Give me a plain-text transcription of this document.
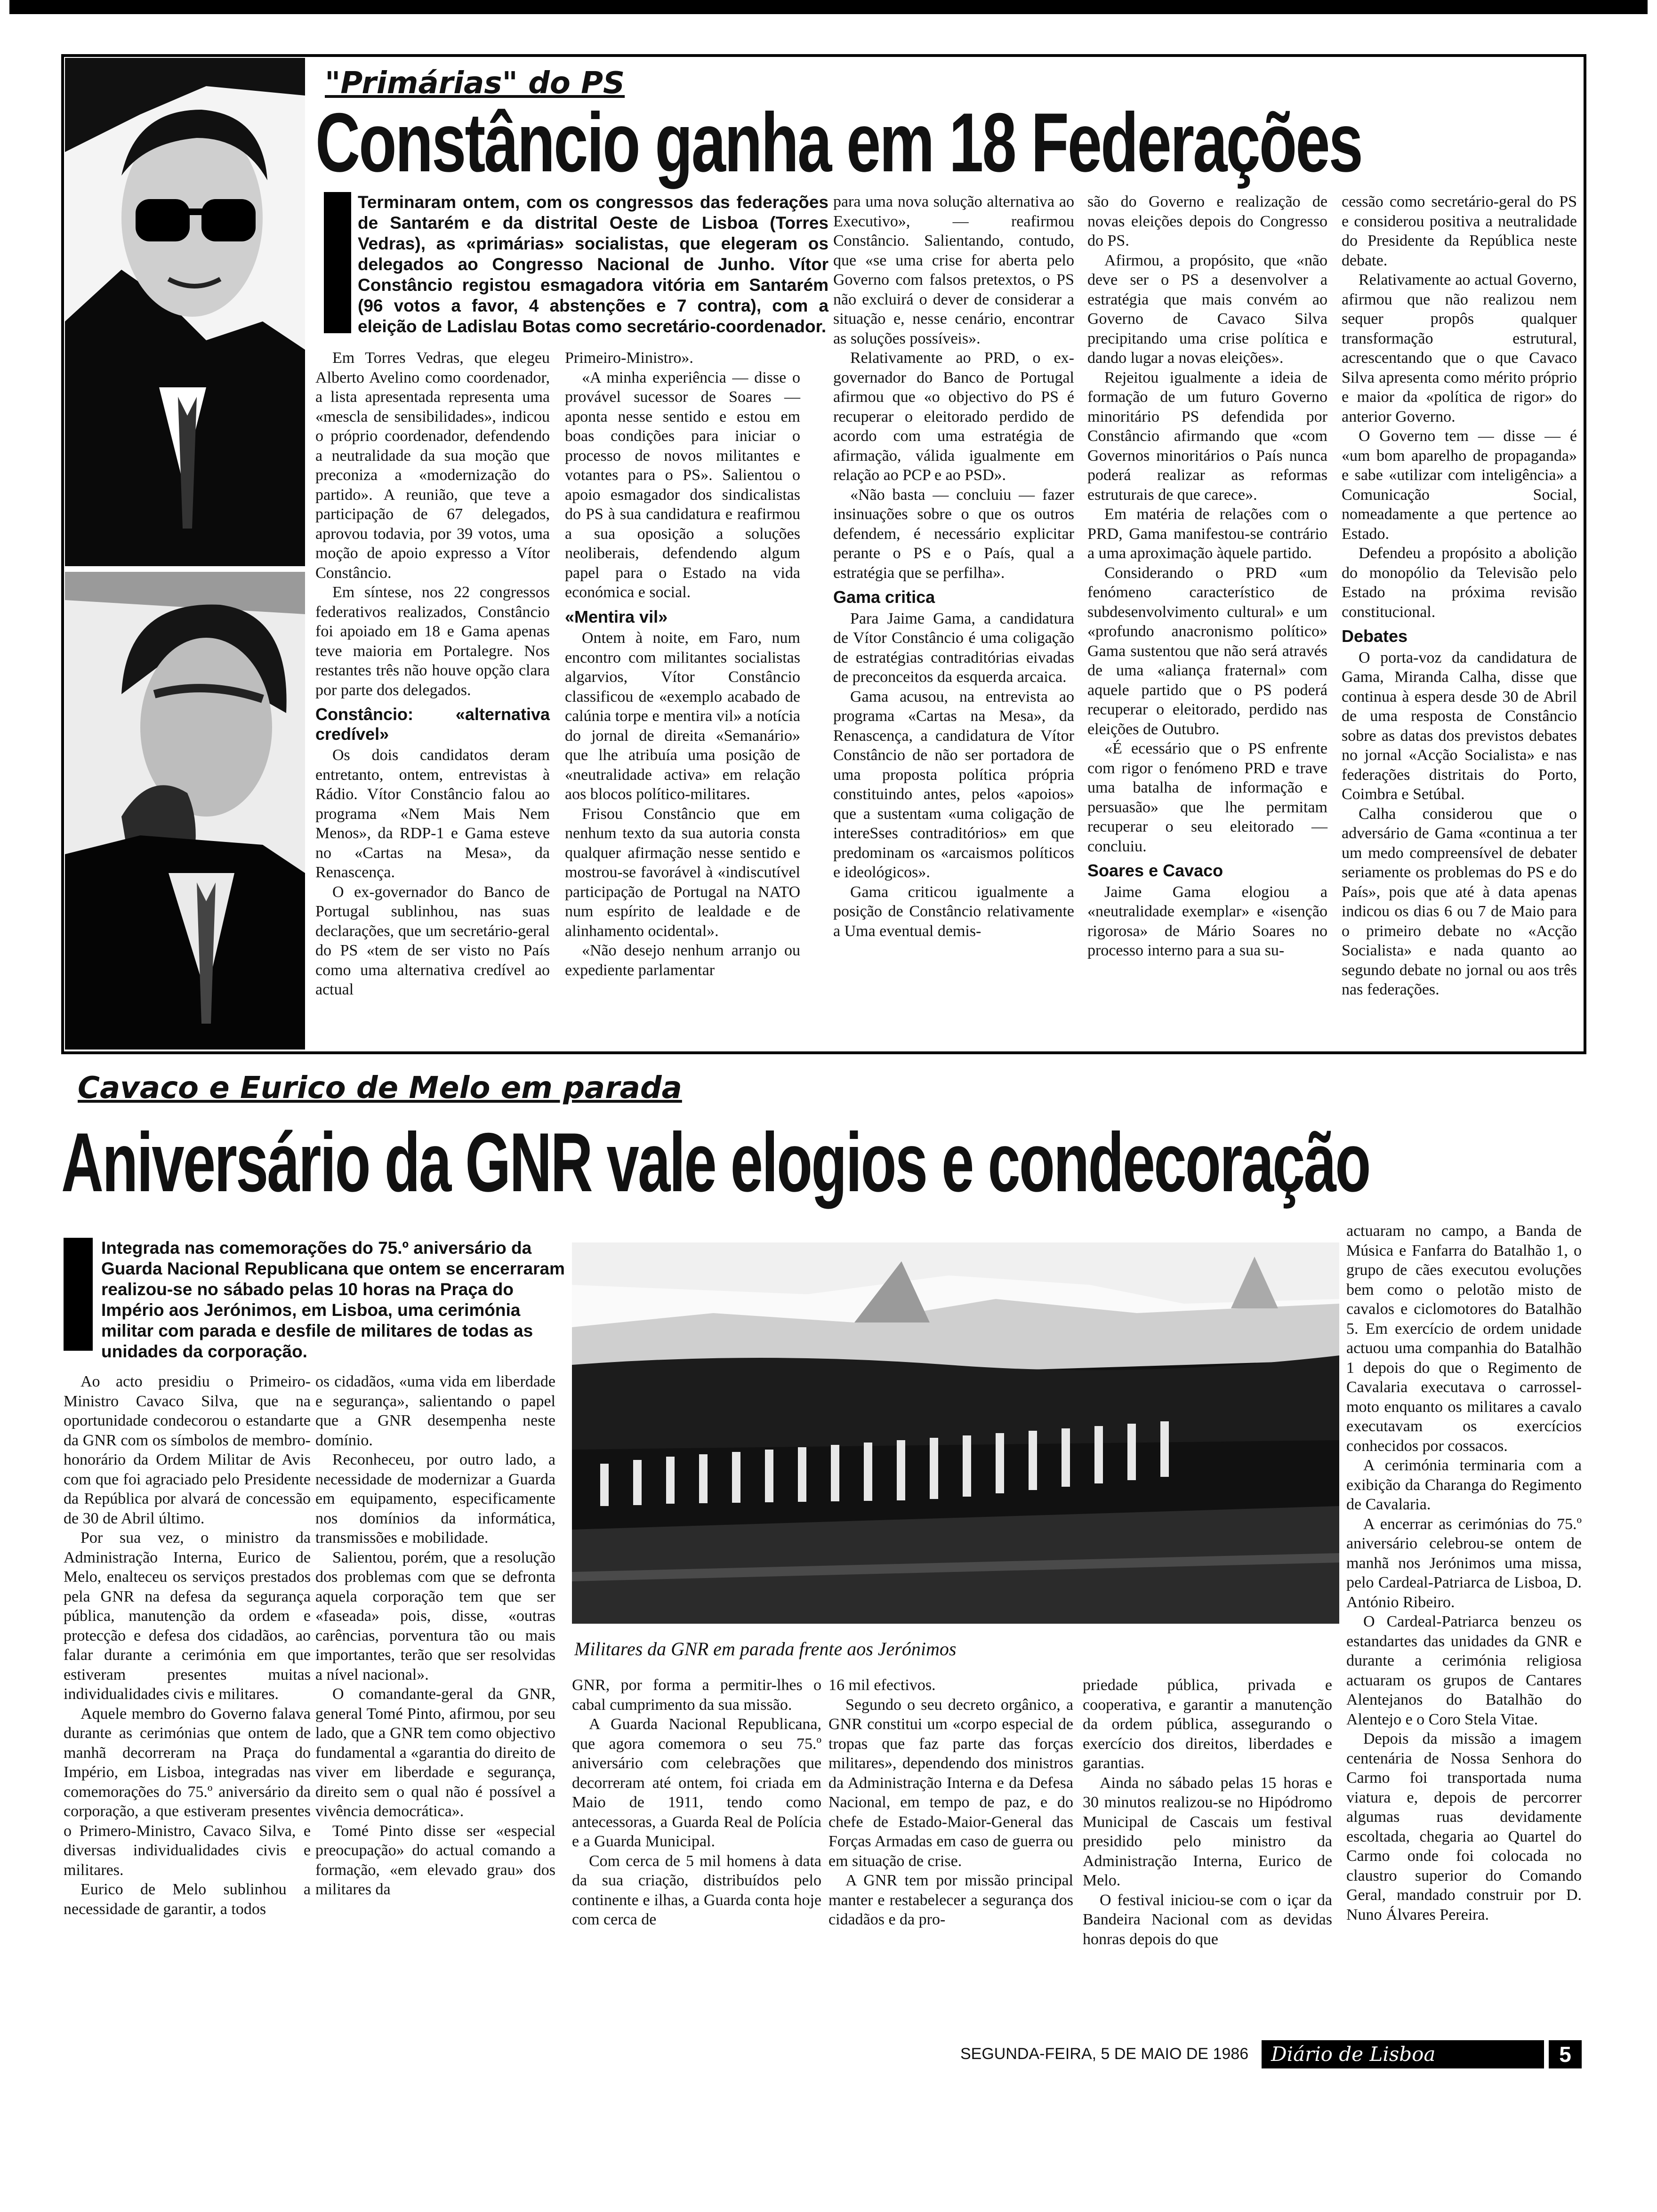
"Primárias" do PS
Constâncio ganha em 18 Federações
Terminaram ontem, com os congressos das federações de Santarém e da distrital Oeste de Lisboa (Torres Vedras), as «primárias» socialistas, que elegeram os delegados ao Congresso Nacional de Junho. Vítor Constâncio registou esmagadora vitória em Santarém (96 votos a favor, 4 abstenções e 7 contra), com a eleição de Ladislau Botas como secretário-coordenador.

Em Torres Vedras, que elegeu Alberto Avelino como coordenador, a lista apresentada representa uma «mescla de sensibilidades», indicou o próprio coordenador, defendendo a neutralidade da sua moção que preconiza a «modernização do partido». A reunião, que teve a participação de 67 delegados, aprovou todavia, por 39 votos, uma moção de apoio expresso a Vítor Constâncio.

Em síntese, nos 22 congressos federativos realizados, Constâncio foi apoiado em 18 e Gama apenas teve maioria em Portalegre. Nos restantes três não houve opção clara por parte dos delegados.

Constâncio: «alternativa credível»

Os dois candidatos deram entretanto, ontem, entrevistas à Rádio. Vítor Constâncio falou ao programa «Nem Mais Nem Menos», da RDP-1 e Gama esteve no «Cartas na Mesa», da Renascença.

O ex-governador do Banco de Portugal sublinhou, nas suas declarações, que um secretário-geral do PS «tem de ser visto no País como uma alternativa credível ao actual

Primeiro-Ministro».

«A minha experiência — disse o provável sucessor de Soares — aponta nesse sentido e estou em boas condições para iniciar o processo de novos militantes e votantes para o PS». Salientou o apoio esmagador dos sindicalistas do PS à sua candidatura e reafirmou a sua oposição a soluções neoliberais, defendendo algum papel para o Estado na vida económica e social.

«Mentira vil»

Ontem à noite, em Faro, num encontro com militantes socialistas algarvios, Vítor Constâncio classificou de «exemplo acabado de calúnia torpe e mentira vil» a notícia do jornal de direita «Semanário» que lhe atribuía uma posição de «neutralidade activa» em relação aos blocos político-militares.

Frisou Constâncio que em nenhum texto da sua autoria consta qualquer afirmação nesse sentido e mostrou-se favorável à «indiscutível participação de Portugal na NATO num espírito de lealdade e de alinhamento ocidental».

«Não desejo nenhum arranjo ou expediente parlamentar

para uma nova solução alternativa ao Executivo», — reafirmou Constâncio. Salientando, contudo, que «se uma crise for aberta pelo Governo com falsos pretextos, o PS não excluirá o dever de considerar a situação e, nesse cenário, encontrar as soluções possíveis».

Relativamente ao PRD, o ex-governador do Banco de Portugal afirmou que «o objectivo do PS é recuperar o eleitorado perdido de acordo com uma estratégia de afirmação, válida igualmente em relação ao PCP e ao PSD».

«Não basta — concluiu — fazer insinuações sobre o que os outros defendem, é necessário explicitar perante o PS e o País, qual a estratégia que se perfilha».

Gama critica

Para Jaime Gama, a candidatura de Vítor Constâncio é uma coligação de estratégias contraditórias eivadas de preconceitos da esquerda arcaica.

Gama acusou, na entrevista ao programa «Cartas na Mesa», da Renascença, a candidatura de Vítor Constâncio de não ser portadora de uma proposta política própria constituindo antes, pelos «apoios» que a sustentam «uma coligação de intereSses contraditórios» em que predominam os «arcaismos políticos e ideológicos».

Gama criticou igualmente a posição de Constâncio relativamente a Uma eventual demis-

são do Governo e realização de novas eleições depois do Congresso do PS.

Afirmou, a propósito, que «não deve ser o PS a desenvolver a estratégia que mais convém ao Governo de Cavaco Silva precipitando uma crise política e dando lugar a novas eleições».

Rejeitou igualmente a ideia de formação de um futuro Governo minoritário PS defendida por Constâncio afirmando que «com Governos minoritários o País nunca poderá realizar as reformas estruturais de que carece».

Em matéria de relações com o PRD, Gama manifestou-se contrário a uma aproximação àquele partido.

Considerando o PRD «um fenómeno característico de subdesenvolvimento cultural» e um «profundo anacronismo político» Gama sustentou que não será através de uma «aliança fraternal» com aquele partido que o PS poderá recuperar o eleitorado, perdido nas eleições de Outubro.

«É ecessário que o PS enfrente com rigor o fenómeno PRD e trave uma batalha de informação e persuasão» que lhe permitam recuperar o seu eleitorado — concluiu.

Soares e Cavaco

Jaime Gama elogiou a «neutralidade exemplar» e «isenção rigorosa» de Mário Soares no processo interno para a sua su-

cessão como secretário-geral do PS e considerou positiva a neutralidade do Presidente da República neste debate.

Relativamente ao actual Governo, afirmou que não realizou nem sequer propôs qualquer transformação estrutural, acrescentando que o que Cavaco Silva apresenta como mérito próprio e maior da «política de rigor» do anterior Governo.

O Governo tem — disse — é «um bom aparelho de propaganda» e sabe «utilizar com inteligência» a Comunicação Social, nomeadamente a que pertence ao Estado.

Defendeu a propósito a abolição do monopólio da Televisão pelo Estado na próxima revisão constitucional.

Debates

O porta-voz da candidatura de Gama, Miranda Calha, disse que continua à espera desde 30 de Abril de uma resposta de Constâncio sobre as datas dos previstos debates no jornal «Acção Socialista» e nas federações distritais do Porto, Coimbra e Setúbal.

Calha considerou que o adversário de Gama «continua a ter um medo compreensível de debater seriamente os problemas do PS e do País», pois que até à data apenas indicou os dias 6 ou 7 de Maio para o primeiro debate no «Acção Socialista» e nada quanto ao segundo debate no jornal ou aos três nas federações.

Cavaco e Eurico de Melo em parada
Aniversário da GNR vale elogios e condecoração
Integrada nas comemorações do 75.º aniversário da Guarda Nacional Republicana que ontem se encerraram realizou-se no sábado pelas 10 horas na Praça do Império aos Jerónimos, em Lisboa, uma cerimónia militar com parada e desfile de militares de todas as unidades da corporação.
Militares da GNR em parada frente aos Jerónimos

Ao acto presidiu o Primeiro-Ministro Cavaco Silva, que na oportunidade condecorou o estandarte da GNR com os símbolos de membro-honorário da Ordem Militar de Avis com que foi agraciado pelo Presidente da República por alvará de concessão de 30 de Abril último.

Por sua vez, o ministro da Administração Interna, Eurico de Melo, enalteceu os serviços prestados pela GNR na defesa da segurança pública, manutenção da ordem e protecção e defesa dos cidadãos, ao falar durante a cerimónia em que estiveram presentes muitas individualidades civis e militares.

Aquele membro do Governo falava durante as cerimónias que ontem de manhã decorreram na Praça do Império, em Lisboa, integradas nas comemorações do 75.º aniversário da corporação, a que estiveram presentes o Primero-Ministro, Cavaco Silva, e diversas individualidades civis e militares.

Eurico de Melo sublinhou a necessidade de garantir, a todos

os cidadãos, «uma vida em liberdade e segurança», salientando o papel que a GNR desempenha neste domínio.

Reconheceu, por outro lado, a necessidade de modernizar a Guarda em equipamento, especificamente nos domínios da informática, transmissões e mobilidade.

Salientou, porém, que a resolução dos problemas com que se defronta aquela corporação tem que ser «faseada» pois, disse, «outras carências, porventura tão ou mais importantes, terão que ser resolvidas a nível nacional».

O comandante-geral da GNR, general Tomé Pinto, afirmou, por seu lado, que a GNR tem como objectivo fundamental a «garantia do direito de viver em liberdade e segurança, direito sem o qual não é possível a vivência democrática».

Tomé Pinto disse ser «especial preocupação» do actual comando a formação, «em elevado grau» dos militares da

GNR, por forma a permitir-lhes o cabal cumprimento da sua missão.

A Guarda Nacional Republicana, que agora comemora o seu 75.º aniversário com celebrações que decorreram até ontem, foi criada em Maio de 1911, tendo como antecessoras, a Guarda Real de Polícia e a Guarda Municipal.

Com cerca de 5 mil homens à data da sua criação, distribuídos pelo continente e ilhas, a Guarda conta hoje com cerca de

16 mil efectivos.

Segundo o seu decreto orgânico, a GNR constitui um «corpo especial de tropas que faz parte das forças militares», dependendo dos ministros da Administração Interna e da Defesa Nacional, em tempo de paz, e do chefe de Estado-Maior-General das Forças Armadas em caso de guerra ou em situação de crise.

A GNR tem por missão principal manter e restabelecer a segurança dos cidadãos e da pro-

priedade pública, privada e cooperativa, e garantir a manutenção da ordem pública, assegurando o exercício dos direitos, liberdades e garantias.

Ainda no sábado pelas 15 horas e 30 minutos realizou-se no Hipódromo Municipal de Cascais um festival presidido pelo ministro da Administração Interna, Eurico de Melo.

O festival iniciou-se com o içar da Bandeira Nacional com as devidas honras depois do que

actuaram no campo, a Banda de Música e Fanfarra do Batalhão 1, o grupo de cães executou evoluções bem como o pelotão misto de cavalos e ciclomotores do Batalhão 5. Em exercício de ordem unidade actuou uma companhia do Batalhão 1 depois do que o Regimento de Cavalaria executava o carrossel-moto enquanto os militares a cavalo executavam os exercícios conhecidos por cossacos.

A cerimónia terminaria com a exibição da Charanga do Regimento de Cavalaria.

A encerrar as cerimónias do 75.º aniversário celebrou-se ontem de manhã nos Jerónimos uma missa, pelo Cardeal-Patriarca de Lisboa, D. António Ribeiro.

O Cardeal-Patriarca benzeu os estandartes das unidades da GNR e durante a cerimónia religiosa actuaram os grupos de Cantares Alentejanos do Batalhão do Alentejo e o Coro Stela Vitae.

Depois da missão a imagem centenária de Nossa Senhora do Carmo foi transportada numa viatura e, depois de percorrer algumas ruas devidamente escoltada, chegaria ao Quartel do Carmo onde foi colocada no claustro superior do Comando Geral, mandado construir por D. Nuno Álvares Pereira.

SEGUNDA-FEIRA, 5 DE MAIO DE 1986	Diário de Lisboa	5
